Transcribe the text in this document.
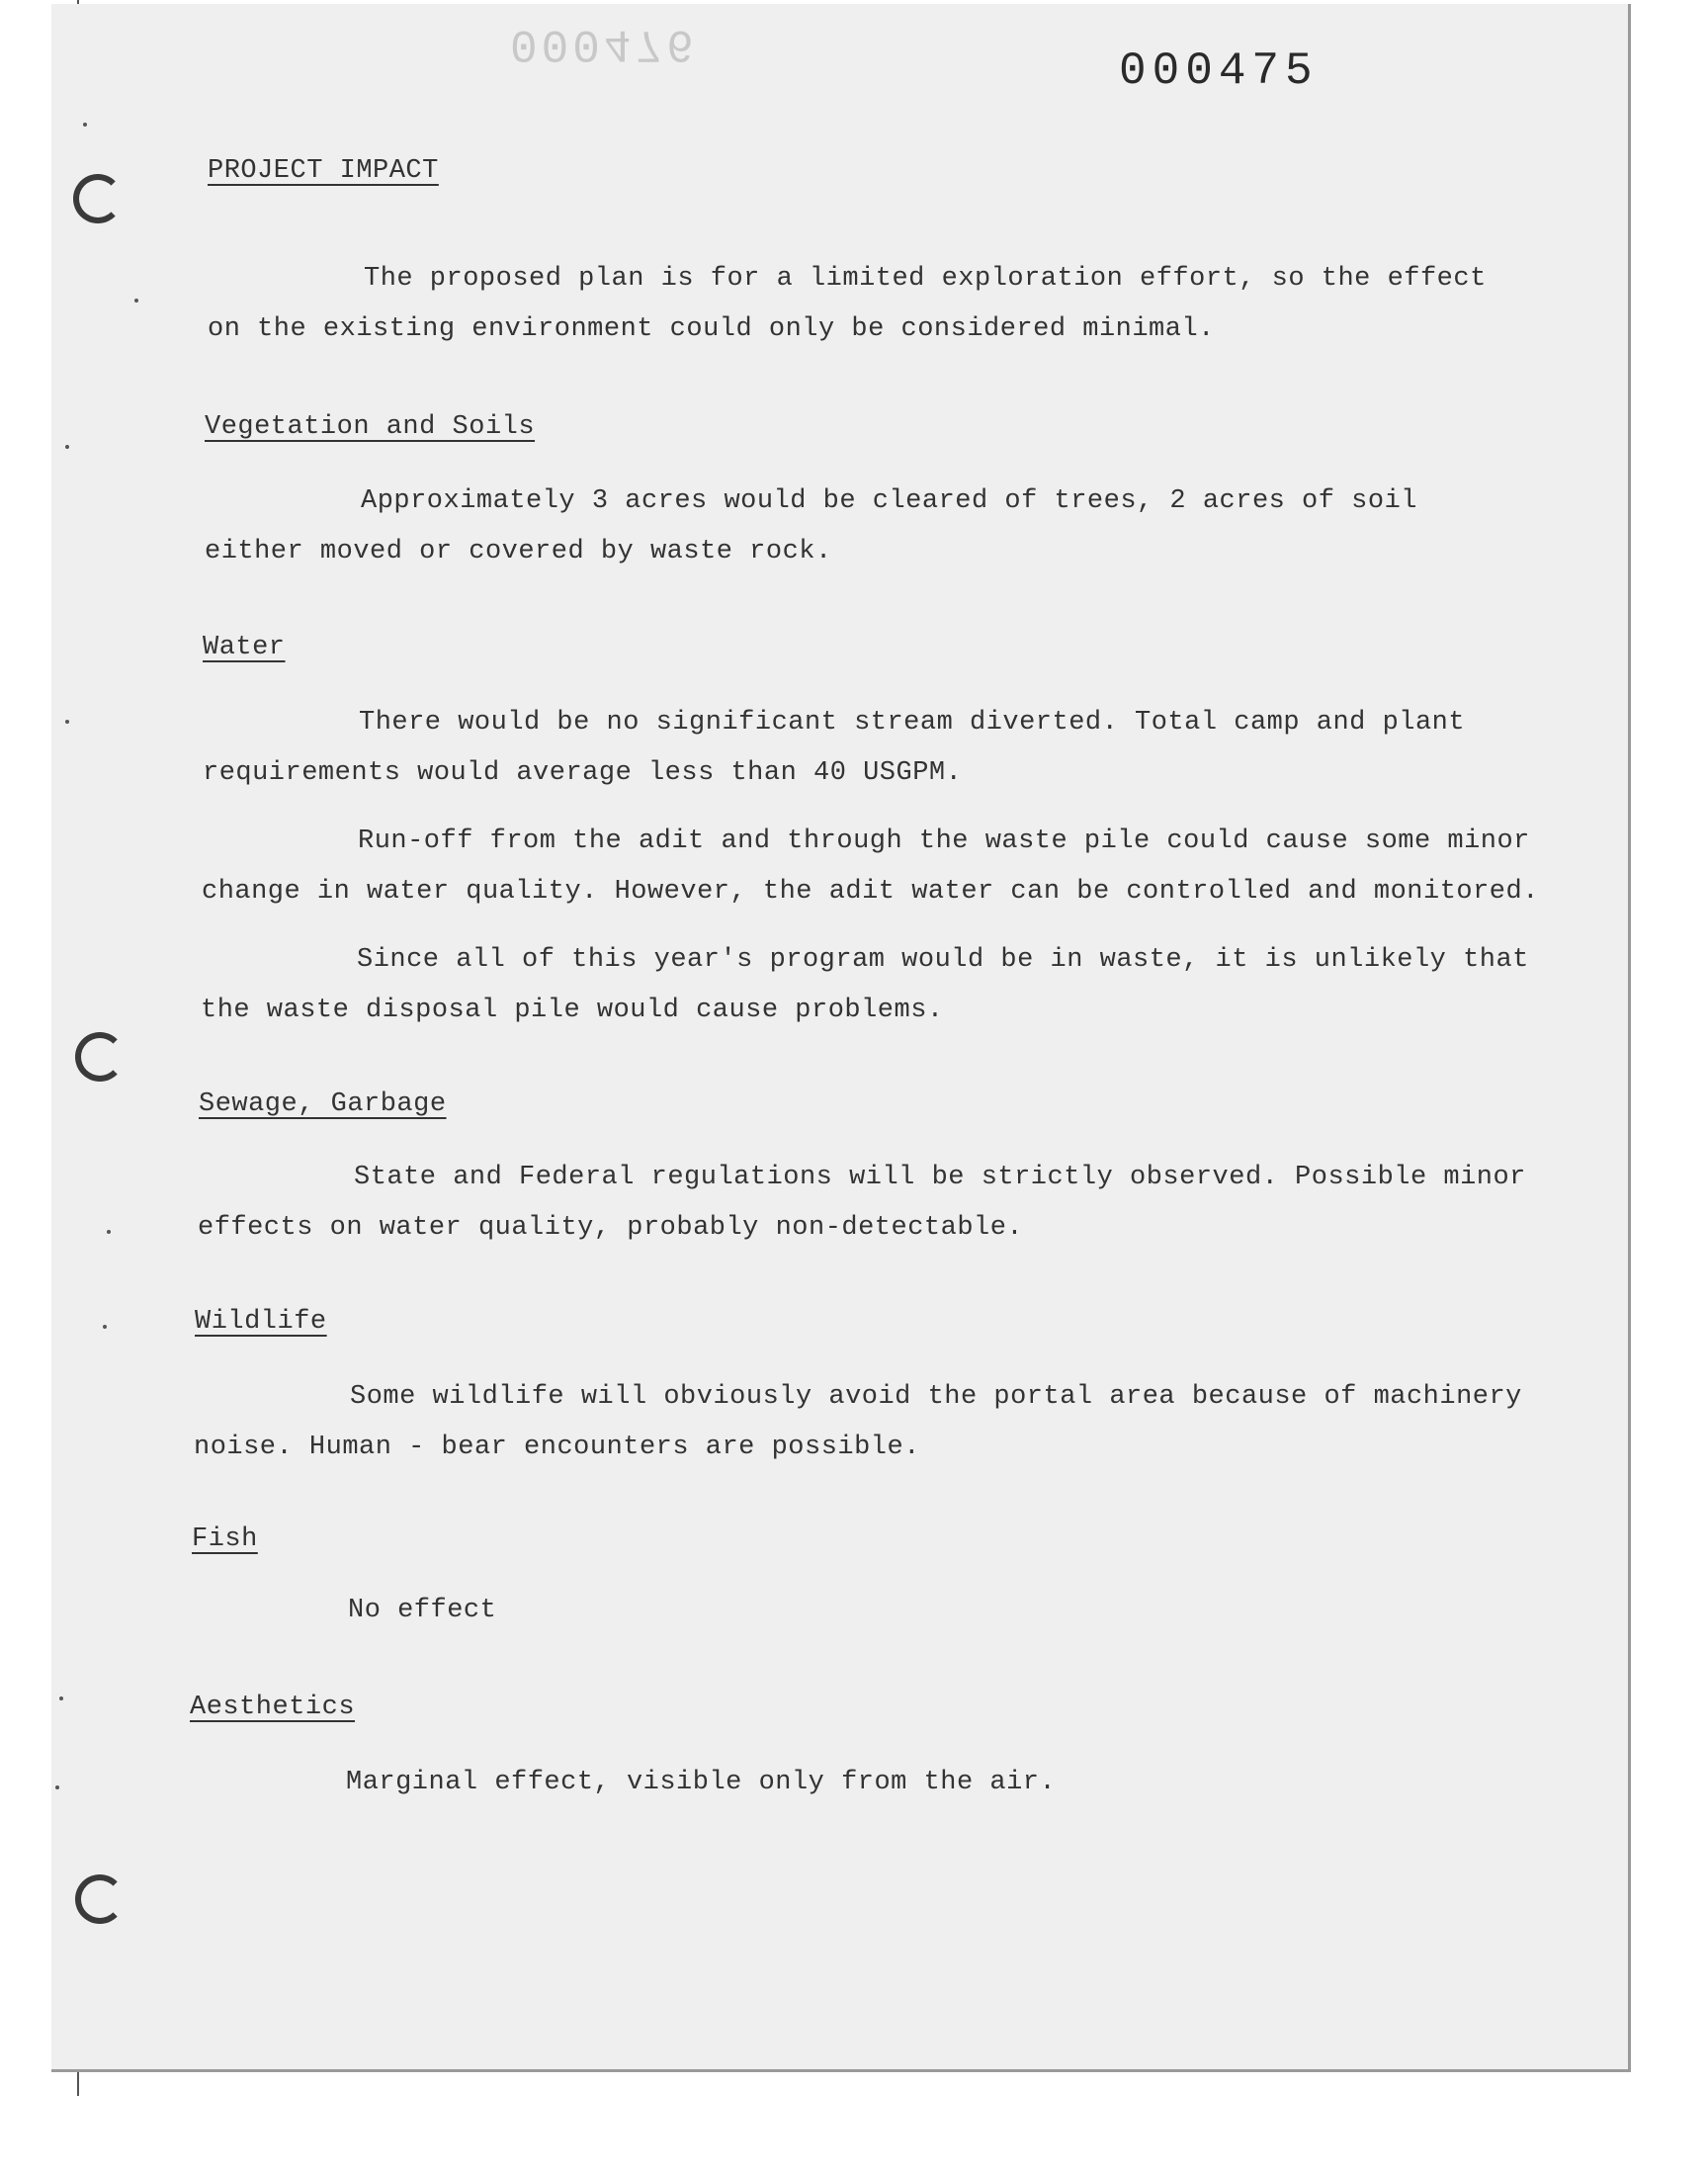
000476
000475
PROJECT IMPACT
The proposed plan is for a limited exploration effort, so the effect
on the existing environment could only be considered minimal.
Vegetation and Soils
Approximately 3 acres would be cleared of trees, 2 acres of soil
either moved or covered by waste rock.
Water
There would be no significant stream diverted. Total camp and plant
requirements would average less than 40 USGPM.
Run-off from the adit and through the waste pile could cause some minor
change in water quality. However, the adit water can be controlled and monitored.
Since all of this year's program would be in waste, it is unlikely that
the waste disposal pile would cause problems.
Sewage, Garbage
State and Federal regulations will be strictly observed. Possible minor
effects on water quality, probably non-detectable.
Wildlife
Some wildlife will obviously avoid the portal area because of machinery
noise. Human - bear encounters are possible.
Fish
No effect
Aesthetics
Marginal effect, visible only from the air.
